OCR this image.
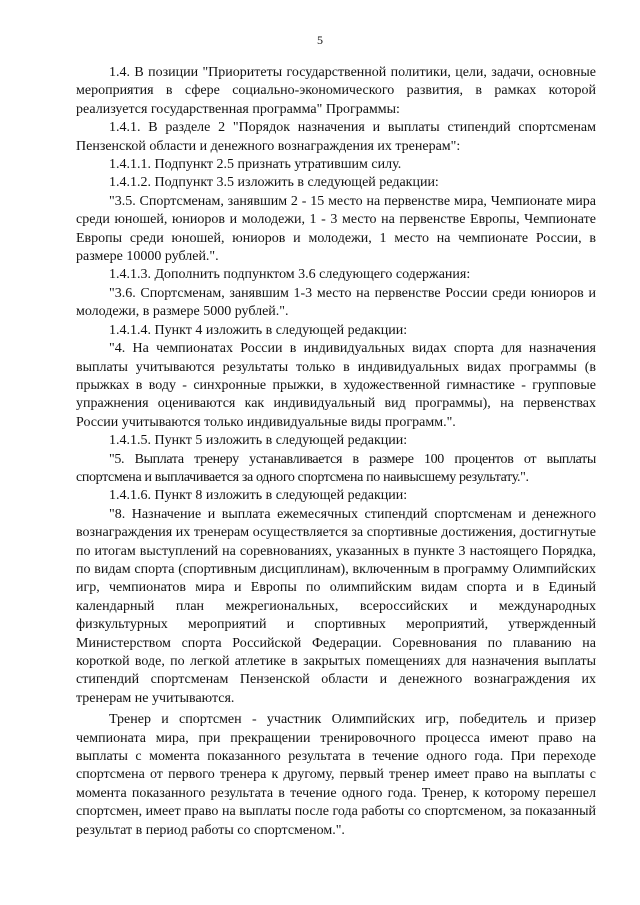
5

1.4. В позиции "Приоритеты государственной политики, цели, задачи, основные мероприятия в сфере социально-экономического развития, в рамках которой реализуется государственная программа" Программы:

1.4.1. В разделе 2 "Порядок назначения и выплаты стипендий спортсменам Пензенской области и денежного вознаграждения их тренерам":

1.4.1.1. Подпункт 2.5 признать утратившим силу.

1.4.1.2. Подпункт 3.5 изложить в следующей редакции:

"3.5. Спортсменам, занявшим 2 - 15 место на первенстве мира, Чемпионате мира среди юношей, юниоров и молодежи, 1 - 3 место на первенстве Европы, Чемпионате Европы среди юношей, юниоров и молодежи, 1 место на чемпионате России, в размере 10000 рублей.".

1.4.1.3. Дополнить подпунктом 3.6 следующего содержания:

"3.6. Спортсменам, занявшим 1-3 место на первенстве России среди юниоров и молодежи, в размере 5000 рублей.".

1.4.1.4. Пункт 4 изложить в следующей редакции:

"4. На чемпионатах России в индивидуальных видах спорта для назначения выплаты учитываются результаты только в индивидуальных видах программы (в прыжках в воду - синхронные прыжки, в художественной гимнастике - групповые упражнения оцениваются как индивидуальный вид программы), на первенствах России учитываются только индивидуальные виды программ.".

1.4.1.5. Пункт 5 изложить в следующей редакции:

"5. Выплата тренеру устанавливается в размере 100 процентов от выплаты спортсмена и выплачивается за одного спортсмена по наивысшему результату.".

1.4.1.6. Пункт 8 изложить в следующей редакции:

"8. Назначение и выплата ежемесячных стипендий спортсменам и денежного вознаграждения их тренерам осуществляется за спортивные достижения, достигнутые по итогам выступлений на соревнованиях, указанных в пункте 3 настоящего Порядка, по видам спорта (спортивным дисциплинам), включенным в программу Олимпийских игр, чемпионатов мира и Европы по олимпийским видам спорта и в Единый календарный план межрегиональных, всероссийских и международных физкультурных мероприятий и спортивных мероприятий, утвержденный Министерством спорта Российской Федерации. Соревнования по плаванию на короткой воде, по легкой атлетике в закрытых помещениях для назначения выплаты стипендий спортсменам Пензенской области и денежного вознаграждения их тренерам не учитываются.

Тренер и спортсмен - участник Олимпийских игр, победитель и призер чемпионата мира, при прекращении тренировочного процесса имеют право на выплаты с момента показанного результата в течение одного года. При переходе спортсмена от первого тренера к другому, первый тренер имеет право на выплаты с момента показанного результата в течение одного года. Тренер, к которому перешел спортсмен, имеет право на выплаты после года работы со спортсменом, за показанный результат в период работы со спортсменом.".
